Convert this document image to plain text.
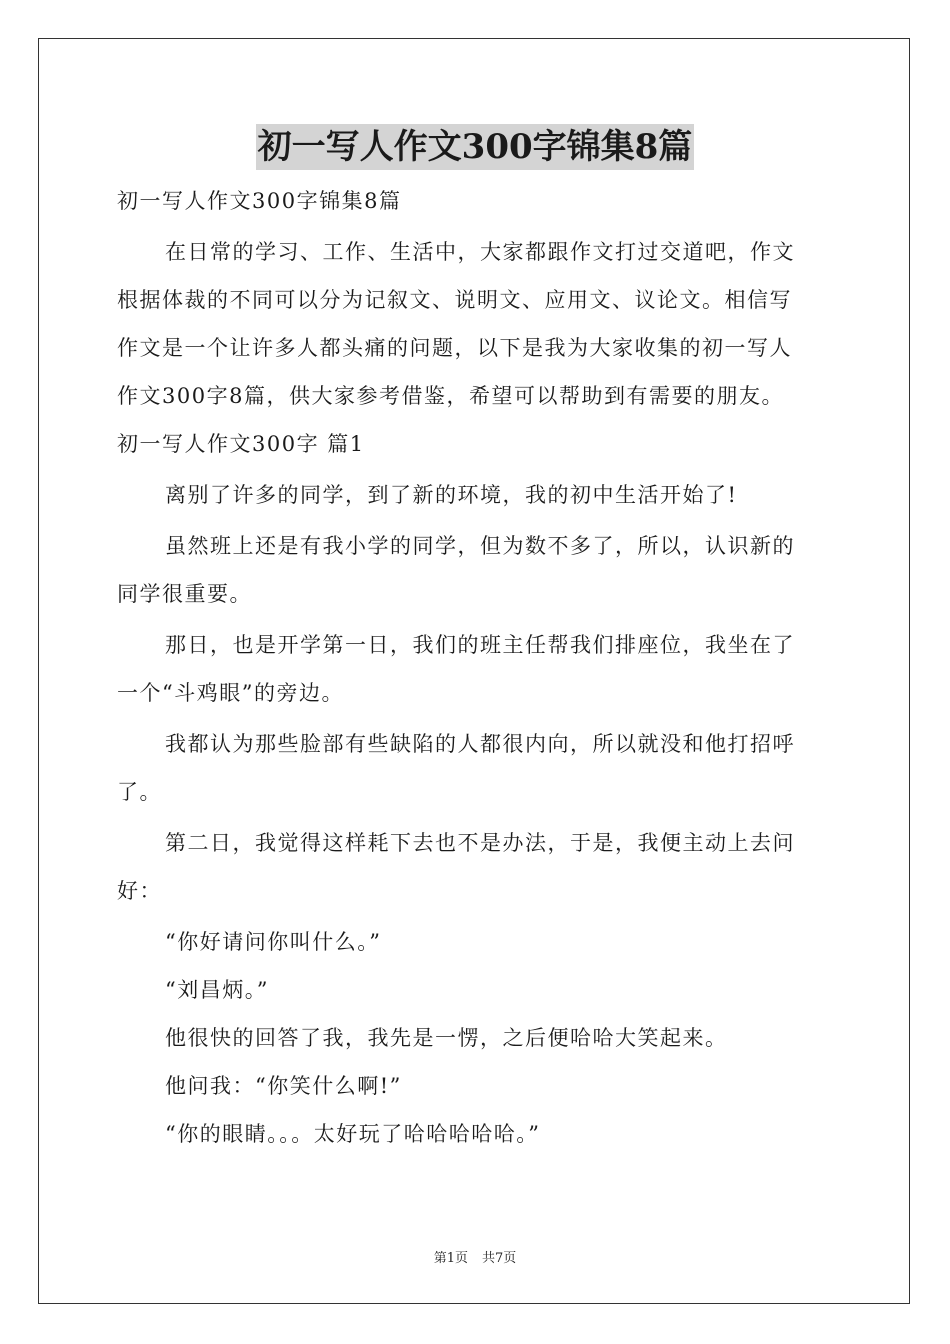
初一写人作文300字锦集8篇
初一写人作文300字锦集8篇
在日常的学习、工作、生活中，大家都跟作文打过交道吧，作文
根据体裁的不同可以分为记叙文、说明文、应用文、议论文。相信写
作文是一个让许多人都头痛的问题，以下是我为大家收集的初一写人
作文300字8篇，供大家参考借鉴，希望可以帮助到有需要的朋友。
初一写人作文300字 篇1
离别了许多的同学，到了新的环境，我的初中生活开始了!
虽然班上还是有我小学的同学，但为数不多了，所以，认识新的
同学很重要。
那日，也是开学第一日，我们的班主任帮我们排座位，我坐在了
一个“斗鸡眼”的旁边。
我都认为那些脸部有些缺陷的人都很内向，所以就没和他打招呼
了。
第二日，我觉得这样耗下去也不是办法，于是，我便主动上去问
好：
“你好请问你叫什么。”
“刘昌炳。”
他很快的回答了我，我先是一愣，之后便哈哈大笑起来。
他问我：“你笑什么啊!”
“你的眼睛。。。太好玩了哈哈哈哈哈。”
第1页 共7页
